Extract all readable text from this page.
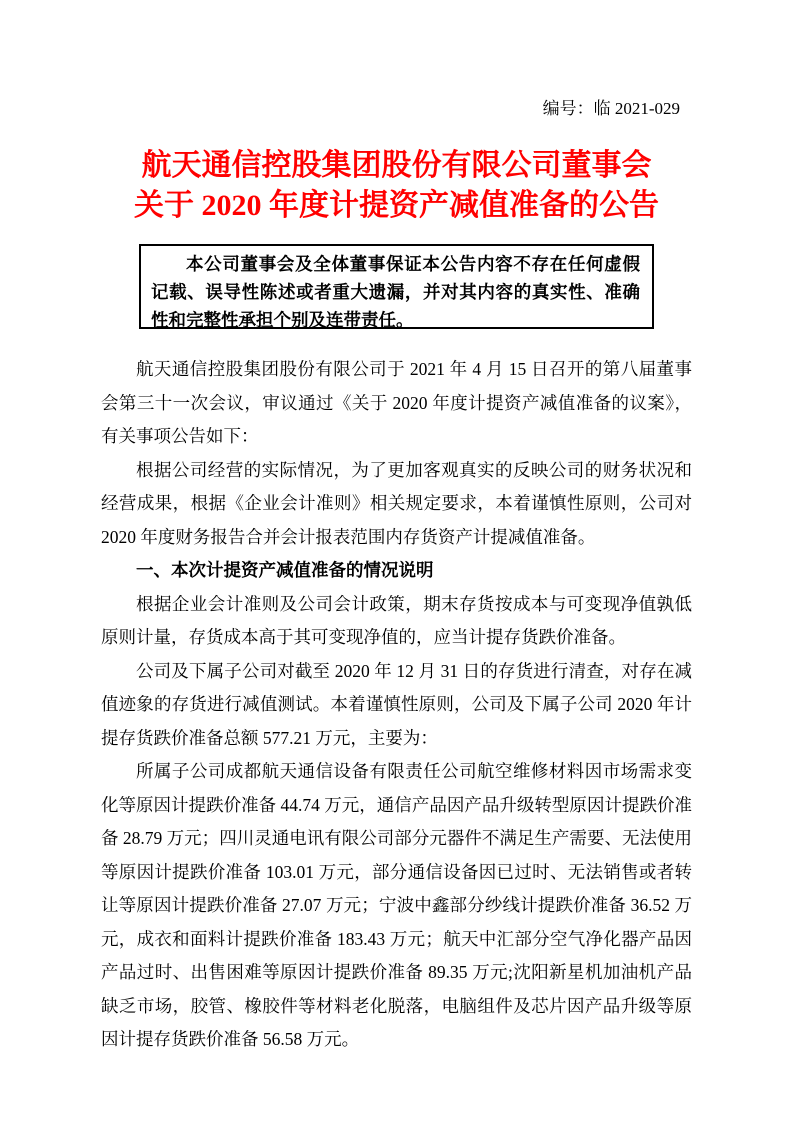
编号：临 2021-029
航天通信控股集团股份有限公司董事会
关于 2020 年度计提资产减值准备的公告

本公司董事会及全体董事保证本公告内容不存在任何虚假记载、误导性陈述或者重大遗漏，并对其内容的真实性、准确性和完整性承担个别及连带责任。

航天通信控股集团股份有限公司于 2021 年 4 月 15 日召开的第八届董事会第三十一次会议，审议通过《关于 2020 年度计提资产减值准备的议案》，有关事项公告如下：

根据公司经营的实际情况，为了更加客观真实的反映公司的财务状况和经营成果，根据《企业会计准则》相关规定要求，本着谨慎性原则，公司对 2020 年度财务报告合并会计报表范围内存货资产计提减值准备。

一、本次计提资产减值准备的情况说明

根据企业会计准则及公司会计政策，期末存货按成本与可变现净值孰低原则计量，存货成本高于其可变现净值的，应当计提存货跌价准备。

公司及下属子公司对截至 2020 年 12 月 31 日的存货进行清查，对存在减值迹象的存货进行减值测试。本着谨慎性原则，公司及下属子公司 2020 年计提存货跌价准备总额 577.21 万元，主要为：

所属子公司成都航天通信设备有限责任公司航空维修材料因市场需求变化等原因计提跌价准备 44.74 万元，通信产品因产品升级转型原因计提跌价准备 28.79 万元；四川灵通电讯有限公司部分元器件不满足生产需要、无法使用等原因计提跌价准备 103.01 万元，部分通信设备因已过时、无法销售或者转让等原因计提跌价准备 27.07 万元；宁波中鑫部分纱线计提跌价准备 36.52 万元，成衣和面料计提跌价准备 183.43 万元；航天中汇部分空气净化器产品因产品过时、出售困难等原因计提跌价准备 89.35 万元;沈阳新星机加油机产品缺乏市场，胶管、橡胶件等材料老化脱落，电脑组件及芯片因产品升级等原因计提存货跌价准备 56.58 万元。
